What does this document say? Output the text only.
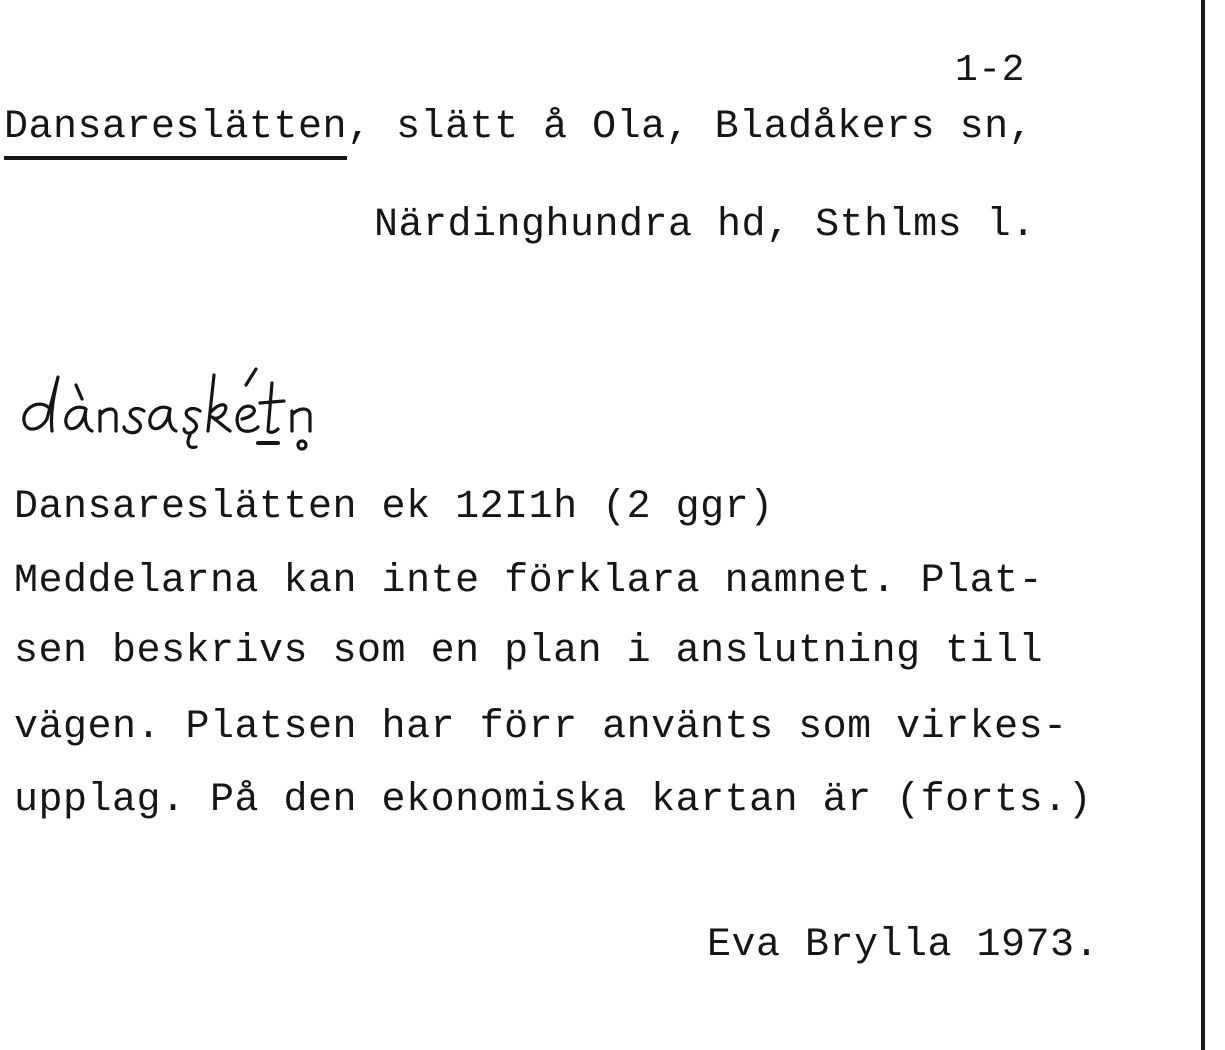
1-2
Dansareslätten, slätt å Ola, Bladåkers sn,
Närdinghundra hd, Sthlms l.
Dansareslätten ek 12I1h (2 ggr)
Meddelarna kan inte förklara namnet. Plat-
sen beskrivs som en plan i anslutning till
vägen. Platsen har förr använts som virkes-
upplag. På den ekonomiska kartan är (forts.)
Eva Brylla 1973.
